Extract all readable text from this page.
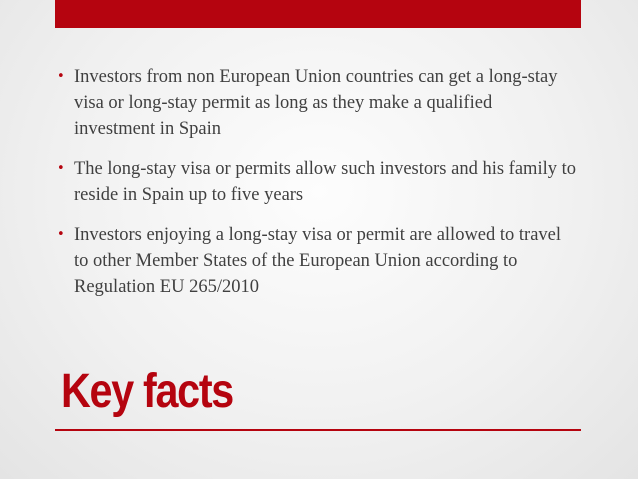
• Investors from non European Union countries can get a long-stay visa or long-stay permit as long as they make a qualified investment in Spain
• The long-stay visa or permits allow such investors and his family to reside in Spain up to five years
• Investors enjoying a long-stay visa or permit are allowed to travel to other Member States of the European Union according to Regulation EU 265/2010
Key facts
